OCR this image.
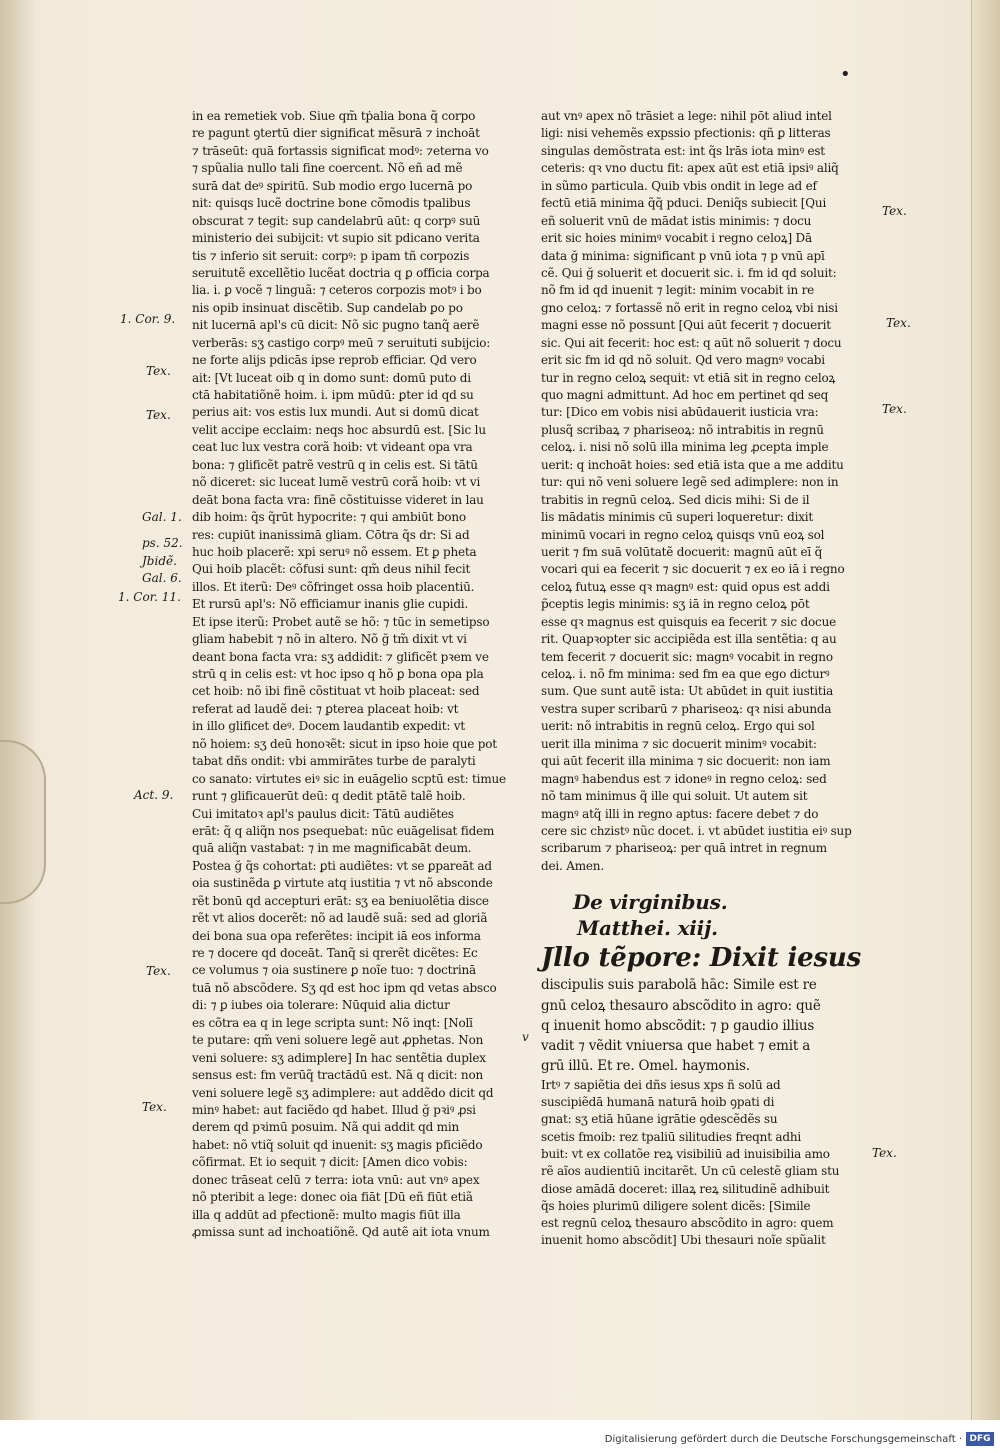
•
in ea remetiek vob. Siue qm̃ tṗalia bona q̃ corpo
re pagunt ꝯtertū dier significat mẽsurā ⁊ inchoāt
⁊ trāseūt: quā fortassis significat modꝰ: ⁊eterna vo
⁊ spũalia nullo tali fine coercent. Nõ eñ ad mẽ
surā dat deꝰ spiritū. Sub modio ergo lucernā po
nit: quisqs lucẽ doctrine bone cõmodis tpalibus
obscurat ⁊ tegit: sup candelabrū aūt: q corpꝰ suū
ministerio dei subijcit: vt supio sit pdicano verita
tis ⁊ inferio sit seruit: corpꝰ: p ipam tñ corpozis
seruitutẽ excellẽtio lucẽat doctria q ꝑ officia corpa
lia. i. ꝑ vocẽ ⁊ linguã: ⁊ ceteros corpozis motꝰ i bo
nis opib insinuat discẽtib. Sup candelab ꝑo po
nit lucernā apl's cū dicit: Nõ sic pugno tanq̃ aerẽ
verberās: sʒ castigo corpꝰ meū ⁊ seruituti subijcio:
ne forte alijs pdicās ipse reprob efficiar. Qd vero
ait: [Vt luceat oib q in domo sunt: domū puto di
ctā habitatiõnẽ hoim. i. ipm mūdū: ꝑter id qd su
perius ait: vos estis lux mundi. Aut si domū dicat
velit accipe ecclaim: neqs hoc absurdū est. [Sic lu
ceat luc lux vestra corã hoib: vt videant opa vra
bona: ⁊ glificẽt patrẽ vestrū q in celis est. Si tātū
nõ diceret: sic luceat lumẽ vestrū corã hoib: vt vi
deāt bona facta vra: finẽ cõstituisse videret in lau
dib hoim: q̃s q̃rūt hypocrite: ⁊ qui ambiūt bono
res: cupiūt inanissimā gliam. Cōtra q̃s dr: Si ad
huc hoib placerẽ: xpi seruꝰ nõ essem. Et ꝑ pheta
Qui hoib placẽt: cõfusi sunt: qm̃ deus nihil fecit
illos. Et iterũ: Deꝰ cõfringet ossa hoib placentiū.
Et rursū apl's: Nõ efficiamur inanis glie cupidi.
Et ipse iterũ: Probet autẽ se hõ: ⁊ tūc in semetipso
gliam habebit ⁊ nõ in altero. Nõ ğ tm̃ dixit vt vi
deant bona facta vra: sʒ addidit: ⁊ glificẽt pꝛem ve
strū q in celis est: vt hoc ipso q hõ ꝑ bona opa pla
cet hoib: nõ ibi finẽ cõstituat vt hoib placeat: sed
referat ad laudẽ dei: ⁊ ꝑterea placeat hoib: vt
in illo glificet deꝰ. Docem laudantib expedit: vt
nõ hoiem: sʒ deū honoꝛẽt: sicut in ipso hoie que pot
tabat dñs ondit: vbi ammirātes turbe de paralyti
co sanato: virtutes eiꝰ sic in euāgelio scptū est: timue
runt ⁊ glificauerūt deū: q dedit ptātẽ talẽ hoib.
Cui imitatoꝛ apl's paulus dicit: Tātū audiẽtes
erāt: q̃ q aliq̃n nos psequebat: nūc euāgelisat fidem
quā aliq̃n vastabat: ⁊ in me magnificabāt deum.
Postea ğ q̃s cohortat: ꝑti audiẽtes: vt se ꝑpareāt ad
oia sustinẽda ꝑ virtute atq iustitia ⁊ vt nõ absconde
rẽt bonū qd accepturi erāt: sʒ ea beniuolẽtia disce
rẽt vt alios docerẽt: nõ ad laudẽ suã: sed ad gloriã
dei bona sua opa referẽtes: incipit iā eos informa
re ⁊ docere qd doceāt. Tanq̃ si qrerẽt dicẽtes: Ec
ce volumus ⁊ oia sustinere ꝑ noĩe tuo: ⁊ doctrinā
tuā nõ abscõdere. Sʒ qd est hoc ipm qd vetas absco
di: ⁊ ꝑ iubes oia tolerare: Nūquid alia dictur
es cõtra ea q in lege scripta sunt: Nõ inqt: [Nolī
te putare: qm̃ veni soluere legẽ aut ꝓphetas. Non
veni soluere: sʒ adimplere] In hac sentẽtia duplex
sensus est: fm verūq̃ tractādū est. Nã q dicit: non
veni soluere legẽ sʒ adimplere: aut addẽdo dicit qd
minꝰ habet: aut faciẽdo qd habet. Illud ğ pꝛiꝰ ꝓsi
derem qd pꝛimū posuim. Nã qui addit qd min
habet: nõ vtiq̃ soluit qd inuenit: sʒ magis pficiẽdo
cõfirmat. Et io sequit ⁊ dicit: [Amen dico vobis:
donec trāseat celū ⁊ terra: iota vnū: aut vnꝰ apex
nõ pteribit a lege: donec oia fiāt [Dū eñ fiūt etiã
illa q addūt ad pfectionẽ: multo magis fiūt illa
ꝓmissa sunt ad inchoatiõnẽ. Qd autẽ ait iota vnum
aut vnꝰ apex nõ trāsiet a lege: nihil pōt aliud intel
ligi: nisi vehemẽs expssio pfectionis: qñ ꝑ litteras
singulas demõstrata est: int q̃s lrās iota minꝰ est
ceteris: qꝛ vno ductu fit: apex aūt est etiā ipsiꝰ aliq̃
in sũmo particula. Quib vbis ondit in lege ad ef
fectū etiā minima q̃q̃ pduci. Deniq̃s subiecit [Qui
eñ soluerit vnū de mādat istis minimis: ⁊ docu
erit sic hoies minimꝰ vocabit i regno celoꝝ] Dā
data ğ minima: significant p vnū iota ⁊ p vnū apī
cẽ. Qui ğ soluerit et docuerit sic. i. fm id qd soluit:
nõ fm id qd inuenit ⁊ legit: minim vocabit in re
gno celoꝝ: ⁊ fortassẽ nõ erit in regno celoꝝ vbi nisi
magni esse nõ possunt [Qui aūt fecerit ⁊ docuerit
sic. Qui ait fecerit: hoc est: q aūt nõ soluerit ⁊ docu
erit sic fm id qd nõ soluit. Qd vero magnꝰ vocabi
tur in regno celoꝝ sequit: vt etiā sit in regno celoꝝ
quo magni admittunt. Ad hoc em pertinet qd seq
tur: [Dico em vobis nisi abūdauerit iusticia vra:
plusq̃ scribaꝝ ⁊ phariseoꝝ: nõ intrabitis in regnū
celoꝝ. i. nisi nõ solū illa minima leg ꝓcepta imple
uerit: q inchoāt hoies: sed etiā ista que a me additu
tur: qui nõ veni soluere legẽ sed adimplere: non in
trabitis in regnū celoꝝ. Sed dicis mihi: Si de il
lis mādatis minimis cū superi loqueretur: dixit
minimū vocari in regno celoꝝ quisqs vnū eoꝝ sol
uerit ⁊ fm suā volūtatẽ docuerit: magnū aūt eī q̃
vocari qui ea fecerit ⁊ sic docuerit ⁊ ex eo iā i regno
celoꝝ futuꝝ esse qꝛ magnꝰ est: quid opus est addi
p̃ceptis legis minimis: sʒ iā in regno celoꝝ pōt
esse qꝛ magnus est quisquis ea fecerit ⁊ sic docue
rit. Quapꝛopter sic accipiẽda est illa sentẽtia: q au
tem fecerit ⁊ docuerit sic: magnꝰ vocabit in regno
celoꝝ. i. nõ fm minima: sed fm ea que ego dicturꝰ
sum. Que sunt autẽ ista: Ut abūdet in quit iustitia
vestra super scribarū ⁊ phariseoꝝ: qꝛ nisi abunda
uerit: nõ intrabitis in regnū celoꝝ. Ergo qui sol
uerit illa minima ⁊ sic docuerit minimꝰ vocabit:
qui aūt fecerit illa minima ⁊ sic docuerit: non iam
magnꝰ habendus est ⁊ idoneꝰ in regno celoꝝ: sed
nõ tam minimus q̃ ille qui soluit. Ut autem sit
magnꝰ atq̃ illi in regno aptus: facere debet ⁊ do
cere sic chzistꝰ nũc docet. i. vt abūdet iustitia eiꝰ sup
scribarum ⁊ phariseoꝝ: per quā intret in regnum
dei. Amen.
De virginibus.
Matthei. xiij.
Jllo tẽpore: Dixit iesus
discipulis suis parabolā hāc: Simile est re
gnū celoꝝ thesauro abscõdito in agro: quẽ
q inuenit homo abscõdit: ⁊ p gaudio illius
vadit ⁊ vẽdit vniuersa que habet ⁊ emit a
grū illū. Et re. Omel. haymonis.
Irtꝰ ⁊ sapiẽtia dei dñs iesus xps ñ solū ad
suscipiẽdā humanā naturā hoib ꝯpati di
gnat: sʒ etiā hūane igrātie ꝯdescẽdẽs su
scetis fmoib: rez tpaliū silitudies freqnt adhi
buit: vt ex collatõe reꝝ visibiliū ad inuisibilia amo
rẽ aĩos audientiū incitarẽt. Un cū celestẽ gliam stu
diose amādā doceret: illaꝝ reꝝ silitudinẽ adhibuit
q̃s hoies plurimū diligere solent dicẽs: [Simile
est regnū celoꝝ thesauro abscõdito in agro: quem
inuenit homo abscõdit] Ubi thesauri noĩe spũalit
1. Cor. 9.
Tex.
Tex.
Gal. 1.
ps. 52.
Jbidẽ.
Gal. 6.
1. Cor. 11.
Act. 9.
Tex.
Tex.
Tex.
Tex.
Tex.
Tex.
v
Digitalisierung gefördert durch die Deutsche Forschungsgemeinschaft · DFG
